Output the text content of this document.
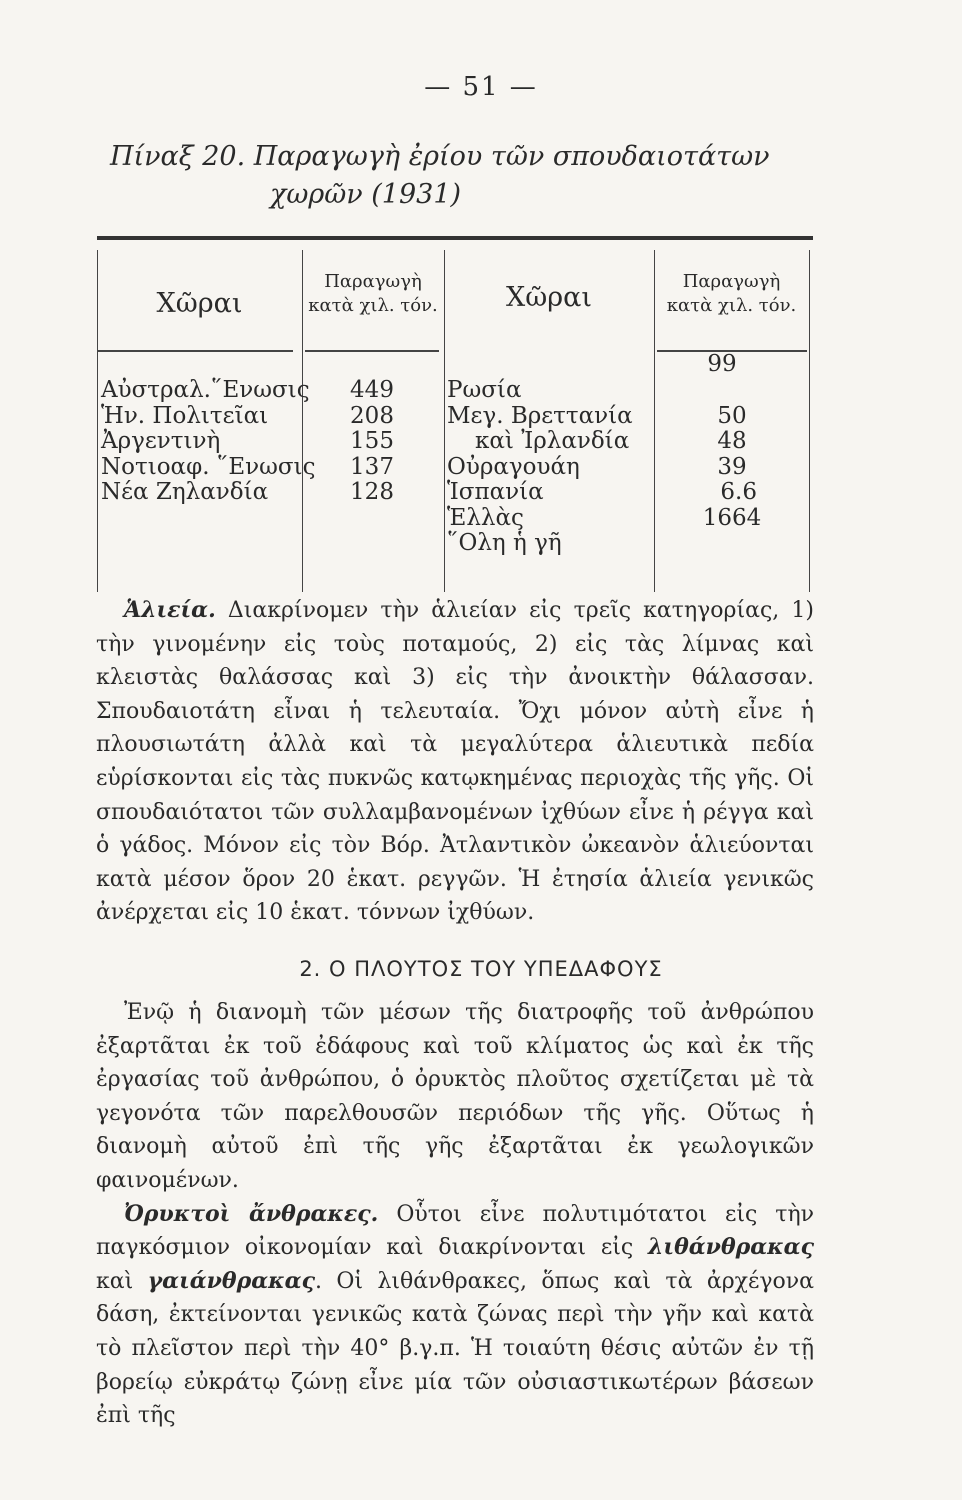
— 51 —
Πίναξ 20. Παραγωγὴ ἐρίου τῶν σπουδαιοτάτων
χωρῶν (1931)
Χῶραι
Παραγωγὴ
κατὰ χιλ. τόν.	Χῶραι
Παραγωγὴ
κατὰ χιλ. τόν.
Αὐστραλ.῞Ενωσις
Ἡν. Πολιτεῖαι
Ἀργεντινὴ
Νοτιοαφ. ῞Ενωσις
Νέα Ζηλανδία
449
208
155
137
128
Ρωσία
Μεγ. Βρεττανία
καὶ Ἰρλανδία
Οὐραγουάη
Ἱσπανία
Ἑλλὰς
῞Ολη ἡ γῆ
99
50
48
39
6.6
1664
Ἁλιεία. Διακρίνομεν τὴν ἁλιείαν εἰς τρεῖς κατηγορίας, 1) τὴν γινομένην εἰς τοὺς ποταμούς, 2) εἰς τὰς λίμνας καὶ κλειστὰς θαλάσσας καὶ 3) εἰς τὴν ἀνοικτὴν θάλασσαν. Σπουδαιοτάτη εἶναι ἡ τελευταία. Ὄχι μόνον αὐτὴ εἶνε ἡ πλουσιωτάτη ἀλλὰ καὶ τὰ μεγαλύτερα ἁλιευτικὰ πεδία εὑρίσκονται εἰς τὰς πυκνῶς κατῳκημένας περιοχὰς τῆς γῆς. Οἱ σπουδαιότατοι τῶν συλλαμβανομένων ἰχθύων εἶνε ἡ ρέγγα καὶ ὁ γάδος. Μόνον εἰς τὸν Βόρ. Ἀτλαντικὸν ὠκεανὸν ἁλιεύονται κατὰ μέσον ὅρον 20 ἑκατ. ρεγγῶν. Ἡ ἐτησία ἁλιεία γενικῶς ἀνέρχεται εἰς 10 ἑκατ. τόννων ἰχθύων.
2. Ο ΠΛΟΥΤΟΣ ΤΟΥ ΥΠΕΔΑΦΟΥΣ
Ἐνῷ ἡ διανομὴ τῶν μέσων τῆς διατροφῆς τοῦ ἀνθρώπου ἐξαρτᾶται ἐκ τοῦ ἐδάφους καὶ τοῦ κλίματος ὡς καὶ ἐκ τῆς ἐργασίας τοῦ ἀνθρώπου, ὁ ὀρυκτὸς πλοῦτος σχετίζεται μὲ τὰ γεγονότα τῶν παρελθουσῶν περιόδων τῆς γῆς. Οὕτως ἡ διανομὴ αὐτοῦ ἐπὶ τῆς γῆς ἐξαρτᾶται ἐκ γεωλογικῶν φαινομένων.
Ὀρυκτοὶ ἄνθρακες. Οὗτοι εἶνε πολυτιμότατοι εἰς τὴν παγκόσμιον οἰκονομίαν καὶ διακρίνονται εἰς λιθάνθρακας καὶ γαιάνθρακας. Οἱ λιθάνθρακες, ὅπως καὶ τὰ ἀρχέγονα δάση, ἐκτείνονται γενικῶς κατὰ ζώνας περὶ τὴν γῆν καὶ κατὰ τὸ πλεῖστον περὶ τὴν 40° β.γ.π. Ἡ τοιαύτη θέσις αὐτῶν ἐν τῇ βορείῳ εὐκράτῳ ζώνῃ εἶνε μία τῶν οὐσιαστικωτέρων βάσεων ἐπὶ τῆς
